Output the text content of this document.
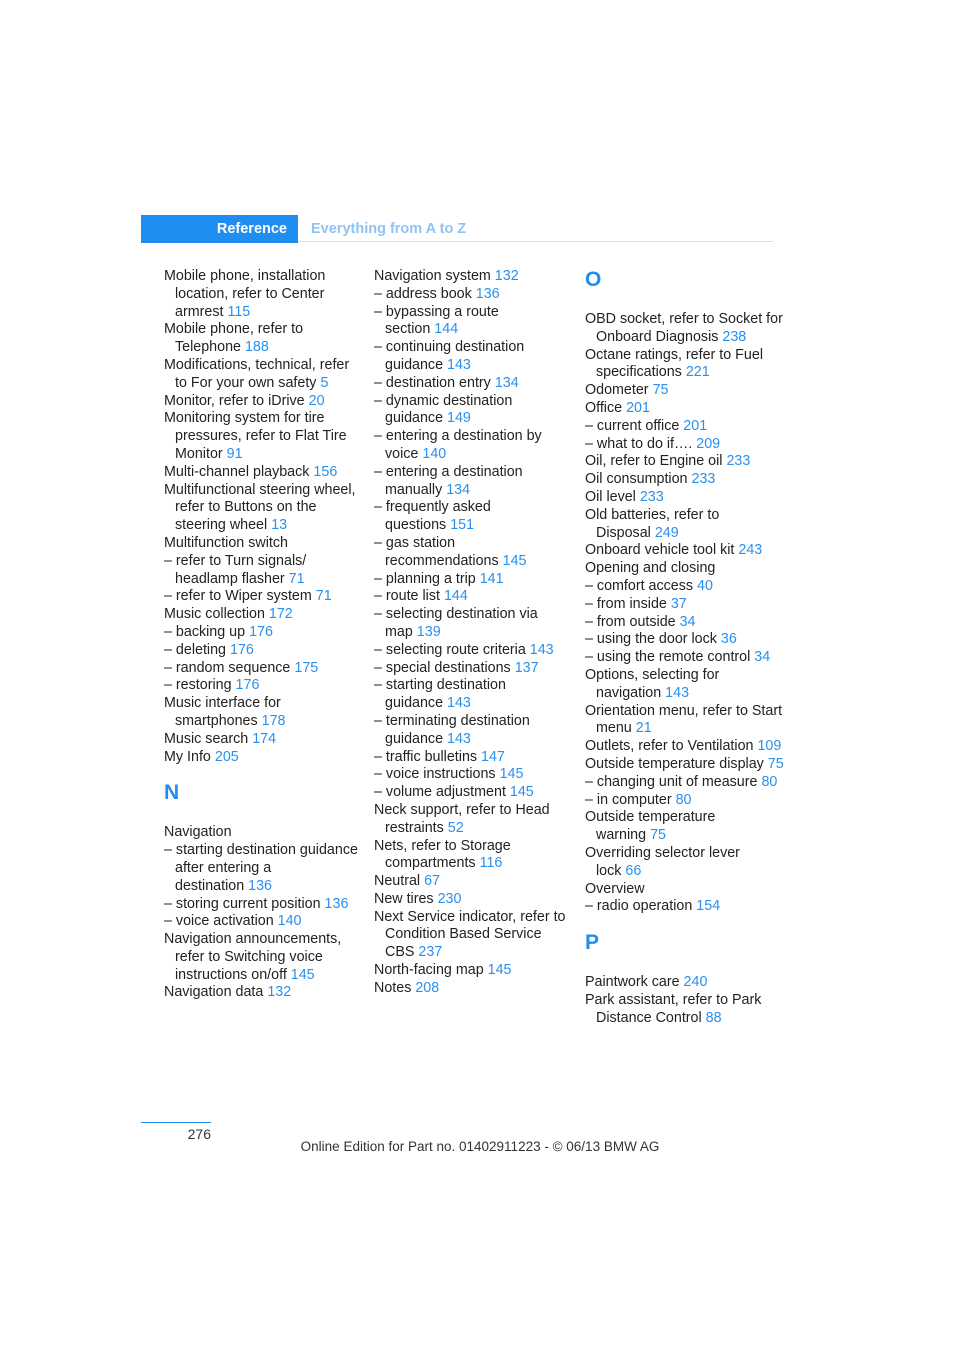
Reference	Everything from A to Z
Mobile phone, installation location, refer to Center armrest 115
Mobile phone, refer to Telephone 188
Modifications, technical, refer to For your own safety 5
Monitor, refer to iDrive 20
Monitoring system for tire pressures, refer to Flat Tire Monitor 91
Multi-channel playback 156
Multifunctional steering wheel, refer to Buttons on the steering wheel 13
Multifunction switch
– refer to Turn signals/ headlamp flasher 71
– refer to Wiper system 71
Music collection 172
– backing up 176
– deleting 176
– random sequence 175
– restoring 176
Music interface for smartphones 178
Music search 174
My Info 205
N
Navigation
– starting destination guidance after entering a destination 136
– storing current position 136
– voice activation 140
Navigation announcements, refer to Switching voice instructions on/off 145
Navigation data 132
Navigation system 132
– address book 136
– bypassing a route section 144
– continuing destination guidance 143
– destination entry 134
– dynamic destination guidance 149
– entering a destination by voice 140
– entering a destination manually 134
– frequently asked questions 151
– gas station recommendations 145
– planning a trip 141
– route list 144
– selecting destination via map 139
– selecting route criteria 143
– special destinations 137
– starting destination guidance 143
– terminating destination guidance 143
– traffic bulletins 147
– voice instructions 145
– volume adjustment 145
Neck support, refer to Head restraints 52
Nets, refer to Storage compartments 116
Neutral 67
New tires 230
Next Service indicator, refer to Condition Based Service CBS 237
North-facing map 145
Notes 208
O
OBD socket, refer to Socket for Onboard Diagnosis 238
Octane ratings, refer to Fuel specifications 221
Odometer 75
Office 201
– current office 201
– what to do if…. 209
Oil, refer to Engine oil 233
Oil consumption 233
Oil level 233
Old batteries, refer to Disposal 249
Onboard vehicle tool kit 243
Opening and closing
– comfort access 40
– from inside 37
– from outside 34
– using the door lock 36
– using the remote control 34
Options, selecting for navigation 143
Orientation menu, refer to Start menu 21
Outlets, refer to Ventilation 109
Outside temperature display 75
– changing unit of measure 80
– in computer 80
Outside temperature warning 75
Overriding selector lever lock 66
Overview
– radio operation 154
P
Paintwork care 240
Park assistant, refer to Park Distance Control 88
276
Online Edition for Part no. 01402911223 - © 06/13 BMW AG
